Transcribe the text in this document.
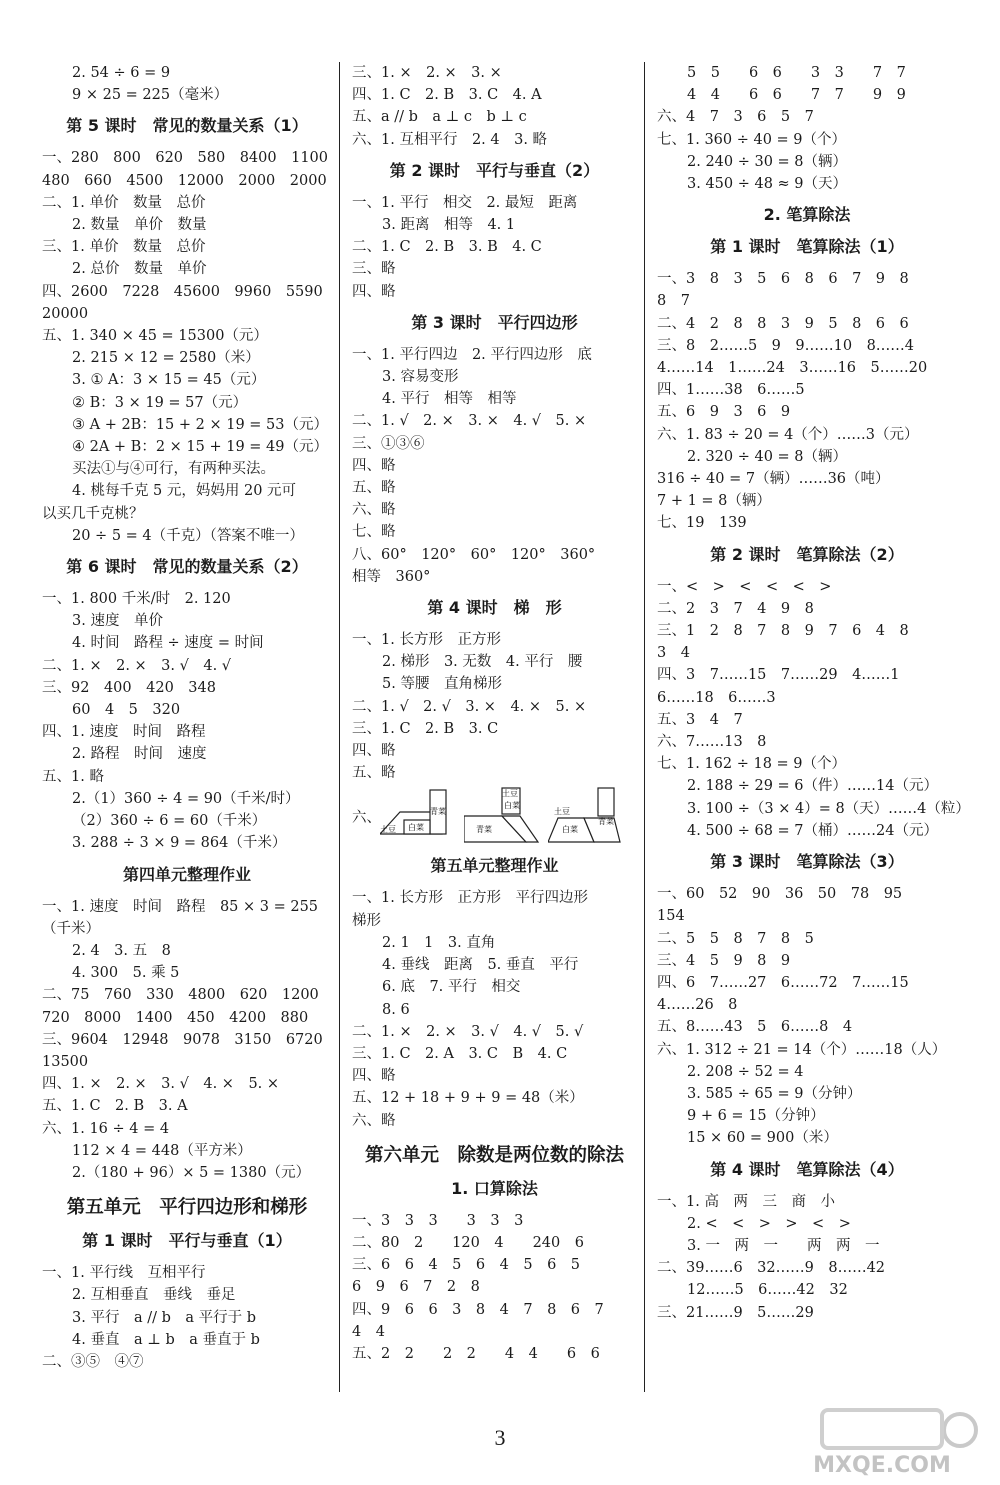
2. 54 ÷ 6 = 9
9 × 25 = 225（毫米）
第 5 课时　常见的数量关系（1）
一、280　800　620　580　8400　1100
480　660　4500　12000　2000　2000
二、1. 单价　数量　总价
2. 数量　单价　数量
三、1. 单价　数量　总价
2. 总价　数量　单价
四、2600　7228　45600　9960　5590
20000
五、1. 340 × 45 = 15300（元）
2. 215 × 12 = 2580（米）
3. ① A：3 × 15 = 45（元）
② B：3 × 19 = 57（元）
③ A + 2B：15 + 2 × 19 = 53（元）
④ 2A + B：2 × 15 + 19 = 49（元）
买法①与④可行，有两种买法。
4. 桃每千克 5 元，妈妈用 20 元可
以买几千克桃？
20 ÷ 5 = 4（千克）（答案不唯一）
第 6 课时　常见的数量关系（2）
一、1. 800 千米/时　2. 120
3. 速度　单价
4. 时间　路程 ÷ 速度 = 时间
二、1. ×　2. ×　3. √　4. √
三、92　400　420　348
60　4　5　320
四、1. 速度　时间　路程
2. 路程　时间　速度
五、1. 略
2.（1）360 ÷ 4 = 90（千米/时）
（2）360 ÷ 6 = 60（千米）
3. 288 ÷ 3 × 9 = 864（千米）
第四单元整理作业
一、1. 速度　时间　路程　85 × 3 = 255
（千米）
2. 4　3. 五　8
4. 300　5. 乘 5
二、75　760　330　4800　620　1200
720　8000　1400　450　4200　880
三、9604　12948　9078　3150　6720
13500
四、1. ×　2. ×　3. √　4. ×　5. ×
五、1. C　2. B　3. A
六、1. 16 ÷ 4 = 4
112 × 4 = 448（平方米）
2.（180 + 96）× 5 = 1380（元）
第五单元　平行四边形和梯形
第 1 课时　平行与垂直（1）
一、1. 平行线　互相平行
2. 互相垂直　垂线　垂足
3. 平行　a // b　a 平行于 b
4. 垂直　a ⊥ b　a 垂直于 b
二、③⑤　④⑦
三、1. ×　2. ×　3. ×
四、1. C　2. B　3. C　4. A
五、a // b　a ⊥ c　b ⊥ c
六、1. 互相平行　2. 4　3. 略
第 2 课时　平行与垂直（2）
一、1. 平行　相交　2. 最短　距离
3. 距离　相等　4. 1
二、1. C　2. B　3. B　4. C
三、略
四、略
第 3 课时　平行四边形
一、1. 平行四边　2. 平行四边形　底
3. 容易变形
4. 平行　相等　相等
二、1. √　2. ×　3. ×　4. √　5. ×
三、①③⑥
四、略
五、略
六、略
七、略
八、60°　120°　60°　120°　360°
相等　360°
第 4 课时　梯　形
一、1. 长方形　正方形
2. 梯形　3. 无数　4. 平行　腰
5. 等腰　直角梯形
二、1. √　2. √　3. ×　4. ×　5. ×
三、1. C　2. B　3. C
四、略
五、略
六、	青菜
白菜
土豆	青菜
白菜
土豆
青菜
白菜
土豆
第五单元整理作业
一、1. 长方形　正方形　平行四边形
梯形
2. 1　1　3. 直角
4. 垂线　距离　5. 垂直　平行
6. 底　7. 平行　相交
8. 6
二、1. ×　2. ×　3. √　4. √　5. √
三、1. C　2. A　3. C　B　4. C
四、略
五、12 + 18 + 9 + 9 = 48（米）
六、略
第六单元　除数是两位数的除法
1. 口算除法
一、3　3　3　　3　3　3
二、80　2　　120　4　　240　6
三、6　6　4　5　6　4　5　6　5
6　9　6　7　2　8
四、9　6　6　3　8　4　7　8　6　7
4　4
五、2　2　　2　2　　4　4　　6　6
5　5　　6　6　　3　3　　7　7
4　4　　6　6　　7　7　　9　9
六、4　7　3　6　5　7
七、1. 360 ÷ 40 = 9（个）
2. 240 ÷ 30 = 8（辆）
3. 450 ÷ 48 ≈ 9（天）
2. 笔算除法
第 1 课时　笔算除法（1）
一、3　8　3　5　6　8　6　7　9　8
8　7
二、4　2　8　8　3　9　5　8　6　6
三、8　2……5　9　9……10　8……4
4……14　1……24　3……16　5……20
四、1……38　6……5
五、6　9　3　6　9
六、1. 83 ÷ 20 = 4（个）……3（元）
2. 320 ÷ 40 = 8（辆）
316 ÷ 40 = 7（辆）……36（吨）
7 + 1 = 8（辆）
七、19　139
第 2 课时　笔算除法（2）
一、<　>　<　<　<　>
二、2　3　7　4　9　8
三、1　2　8　7　8　9　7　6　4　8
3　4
四、3　7……15　7……29　4……1
6……18　6……3
五、3　4　7
六、7……13　8
七、1. 162 ÷ 18 = 9（个）
2. 188 ÷ 29 = 6（件）……14（元）
3. 100 ÷（3 × 4）= 8（天）……4（粒）
4. 500 ÷ 68 = 7（桶）……24（元）
第 3 课时　笔算除法（3）
一、60　52　90　36　50　78　95
154
二、5　5　8　7　8　5
三、4　5　9　8　9
四、6　7……27　6……72　7……15
4……26　8
五、8……43　5　6……8　4
六、1. 312 ÷ 21 = 14（个）……18（人）
2. 208 ÷ 52 = 4
3. 585 ÷ 65 = 9（分钟）
9 + 6 = 15（分钟）
15 × 60 = 900（米）
第 4 课时　笔算除法（4）
一、1. 高　两　三　商　小
2. <　<　>　>　<　>
3. 一　两　一　　两　两　一
二、39……6　32……9　8……42
12……5　6……42　32
三、21……9　5……29
3
MXQE.COM
